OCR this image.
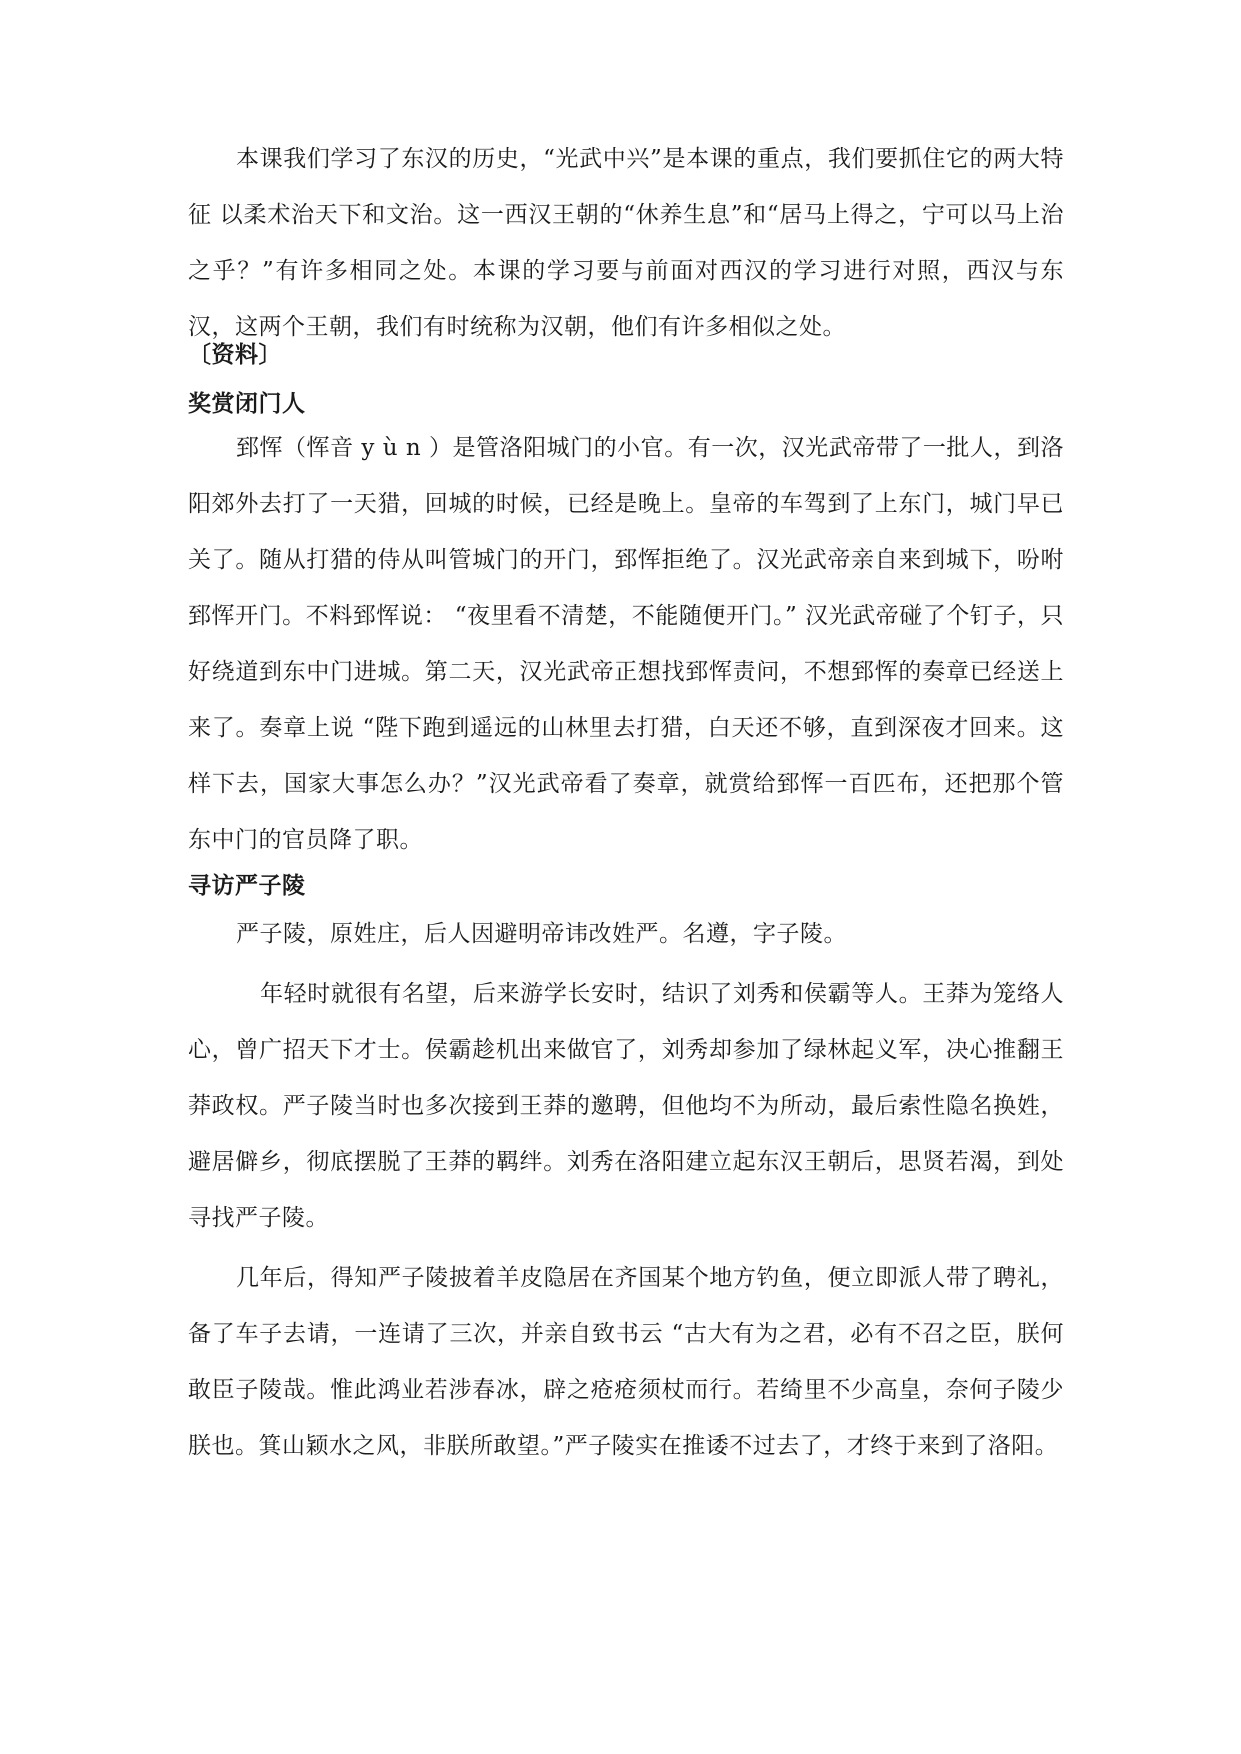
本课我们学习了东汉的历史，“光武中兴”是本课的重点，我们要抓住它的两大特征 以柔术治天下和文治。这一西汉王朝的“休养生息”和“居马上得之，宁可以马上治之乎？”有许多相同之处。本课的学习要与前面对西汉的学习进行对照，西汉与东汉，这两个王朝，我们有时统称为汉朝，他们有许多相似之处。

〔资料〕
奖赏闭门人

郅恽（恽音 y ù n ）是管洛阳城门的小官。有一次，汉光武帝带了一批人，到洛阳郊外去打了一天猎，回城的时候，已经是晚上。皇帝的车驾到了上东门，城门早已关了。随从打猎的侍从叫管城门的开门，郅恽拒绝了。汉光武帝亲自来到城下，吩咐郅恽开门。不料郅恽说： “夜里看不清楚，不能随便开门。” 汉光武帝碰了个钉子，只好绕道到东中门进城。第二天，汉光武帝正想找郅恽责问，不想郅恽的奏章已经送上来了。奏章上说 “陛下跑到遥远的山林里去打猎，白天还不够，直到深夜才回来。这样下去，国家大事怎么办？”汉光武帝看了奏章，就赏给郅恽一百匹布，还把那个管东中门的官员降了职。

寻访严子陵

严子陵，原姓庄，后人因避明帝讳改姓严。名遵，字子陵。

年轻时就很有名望，后来游学长安时，结识了刘秀和侯霸等人。王莽为笼络人心，曾广招天下才士。侯霸趁机出来做官了，刘秀却参加了绿林起义军，决心推翻王莽政权。严子陵当时也多次接到王莽的邀聘，但他均不为所动，最后索性隐名换姓，避居僻乡，彻底摆脱了王莽的羁绊。刘秀在洛阳建立起东汉王朝后，思贤若渴，到处寻找严子陵。

几年后，得知严子陵披着羊皮隐居在齐国某个地方钓鱼，便立即派人带了聘礼，备了车子去请，一连请了三次，并亲自致书云 “古大有为之君，必有不召之臣，朕何敢臣子陵哉。惟此鸿业若涉春冰，辟之疮疮须杖而行。若绮里不少高皇，奈何子陵少朕也。箕山颖水之风，非朕所敢望。”严子陵实在推诿不过去了，才终于来到了洛阳。
